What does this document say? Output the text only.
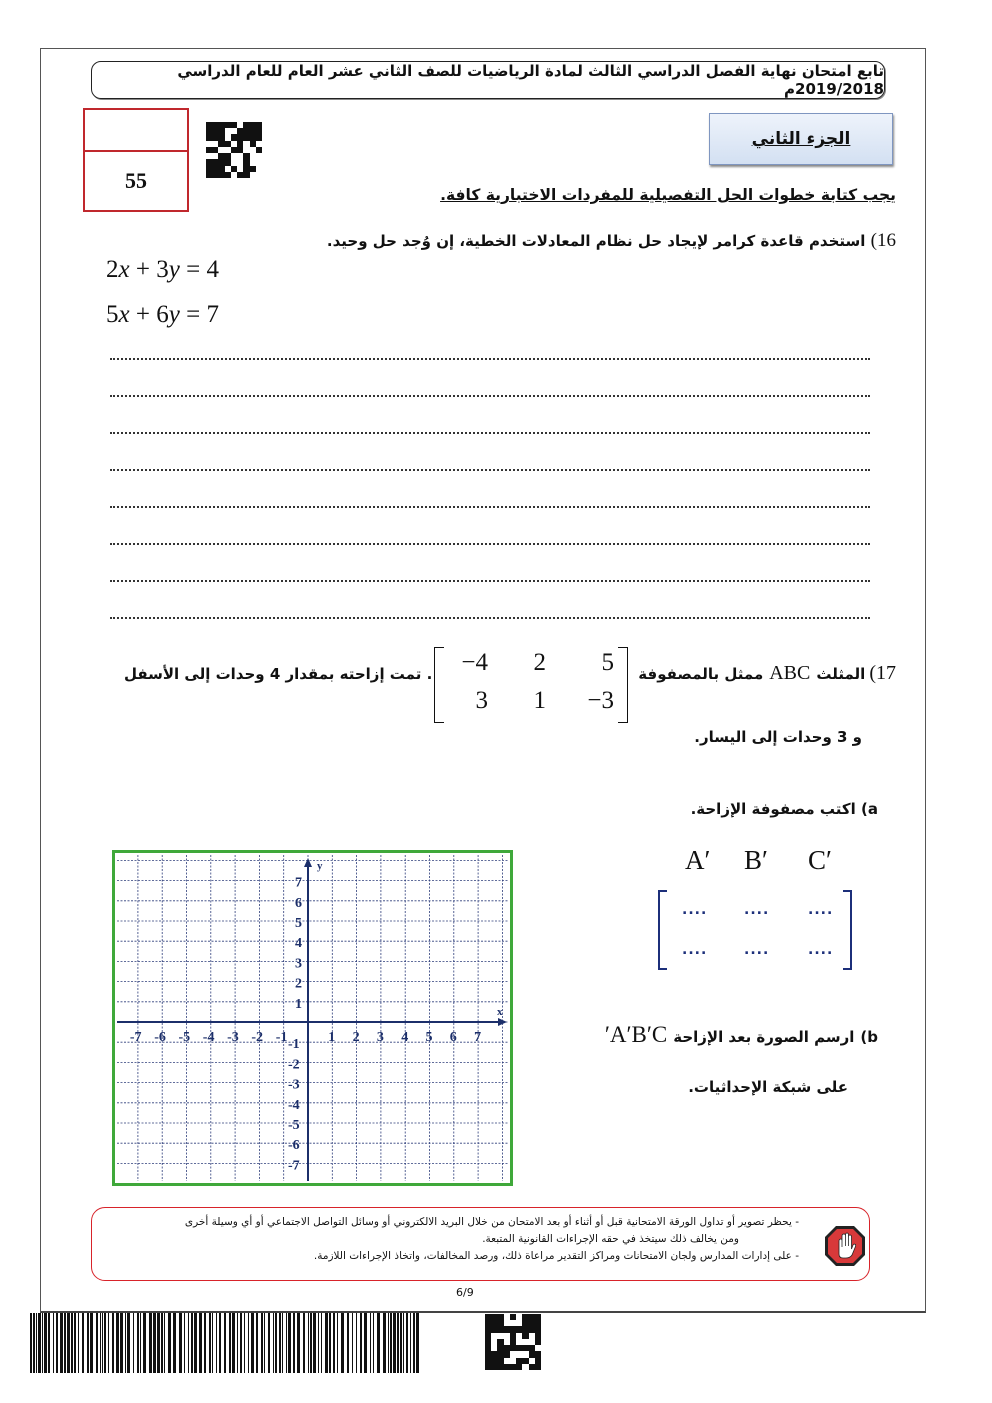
تابع امتحان نهاية الفصل الدراسي الثالث لمادة الرياضيات للصف الثاني عشر العام للعام الدراسي 2019/2018م
55
الجزء الثاني
يجب كتابة خطوات الحل التفصيلية للمفردات الاختبارية كافة.
16) استخدم قاعدة كرامر لإيجاد حل نظام المعادلات الخطية، إن وُجد حل وحيد.
2x + 3y = 4
5x + 6y = 7
17)
المثلث
ABC
ممثل بالمصفوفة
. تمت إزاحته بمقدار 4 وحدات إلى الأسفل	−4	2	5
3	1	−3
و 3 وحدات إلى اليسار.
a) اكتب مصفوفة الإزاحة.
A′ B′ C′
....	....	....
....	....	....
b)
ارسم الصورة بعد الإزاحة
A′B′C′
على شبكة الإحداثيات.
x
y
-7 -6 -5 -4 -3 -2 -1	1 2 3 4 5 6 7
7
6
5
4
3
2
1
-1
-2
-3
-4
-5
-6
-7
- يحظر تصوير أو تداول الورقة الامتحانية قبل أو أثناء أو بعد الامتحان من خلال البريد الالكتروني أو وسائل التواصل الاجتماعي أو أي وسيلة أخرى
ومن يخالف ذلك سيتخذ في حقه الإجراءات القانونية المتبعة.
- على إدارات المدارس ولجان الامتحانات ومراكز التقدير مراعاة ذلك، ورصد المخالفات، واتخاذ الإجراءات اللازمة.
6/9
